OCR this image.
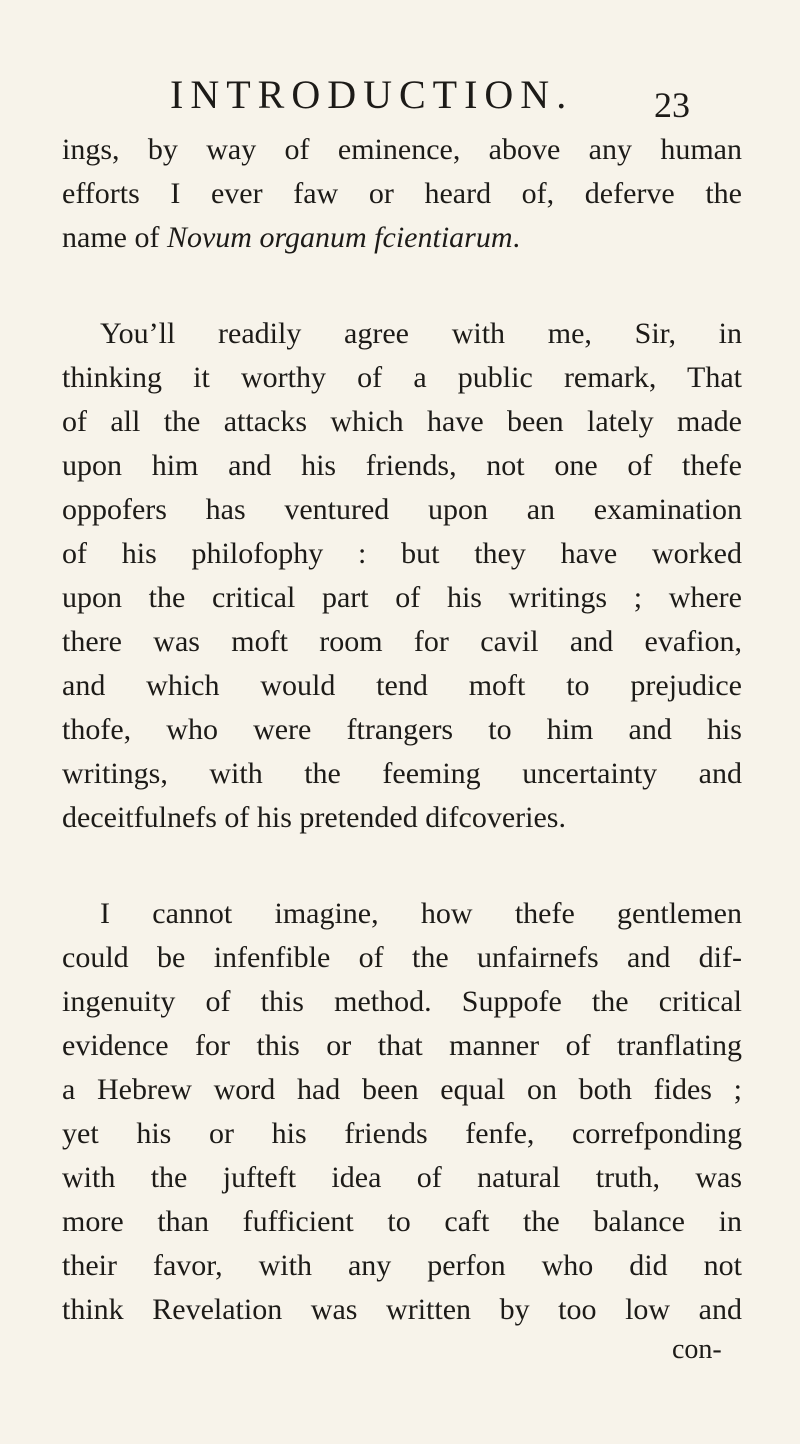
INTRODUCTION. 23
ings, by way of eminence, above any human
efforts I ever faw or heard of, deferve the
name of Novum organum fcientiarum.
You’ll readily agree with me, Sir, in
thinking it worthy of a public remark, That
of all the attacks which have been lately made
upon him and his friends, not one of thefe
oppofers has ventured upon an examination
of his philofophy : but they have worked
upon the critical part of his writings ; where
there was moft room for cavil and evafion,
and which would tend moft to prejudice
thofe, who were ftrangers to him and his
writings, with the feeming uncertainty and
deceitfulnefs of his pretended difcoveries.
I cannot imagine, how thefe gentlemen
could be infenfible of the unfairnefs and dif-
ingenuity of this method. Suppofe the critical
evidence for this or that manner of tranflating
a Hebrew word had been equal on both fides ;
yet his or his friends fenfe, correfponding
with the jufteft idea of natural truth, was
more than fufficient to caft the balance in
their favor, with any perfon who did not
think Revelation was written by too low and
con-
